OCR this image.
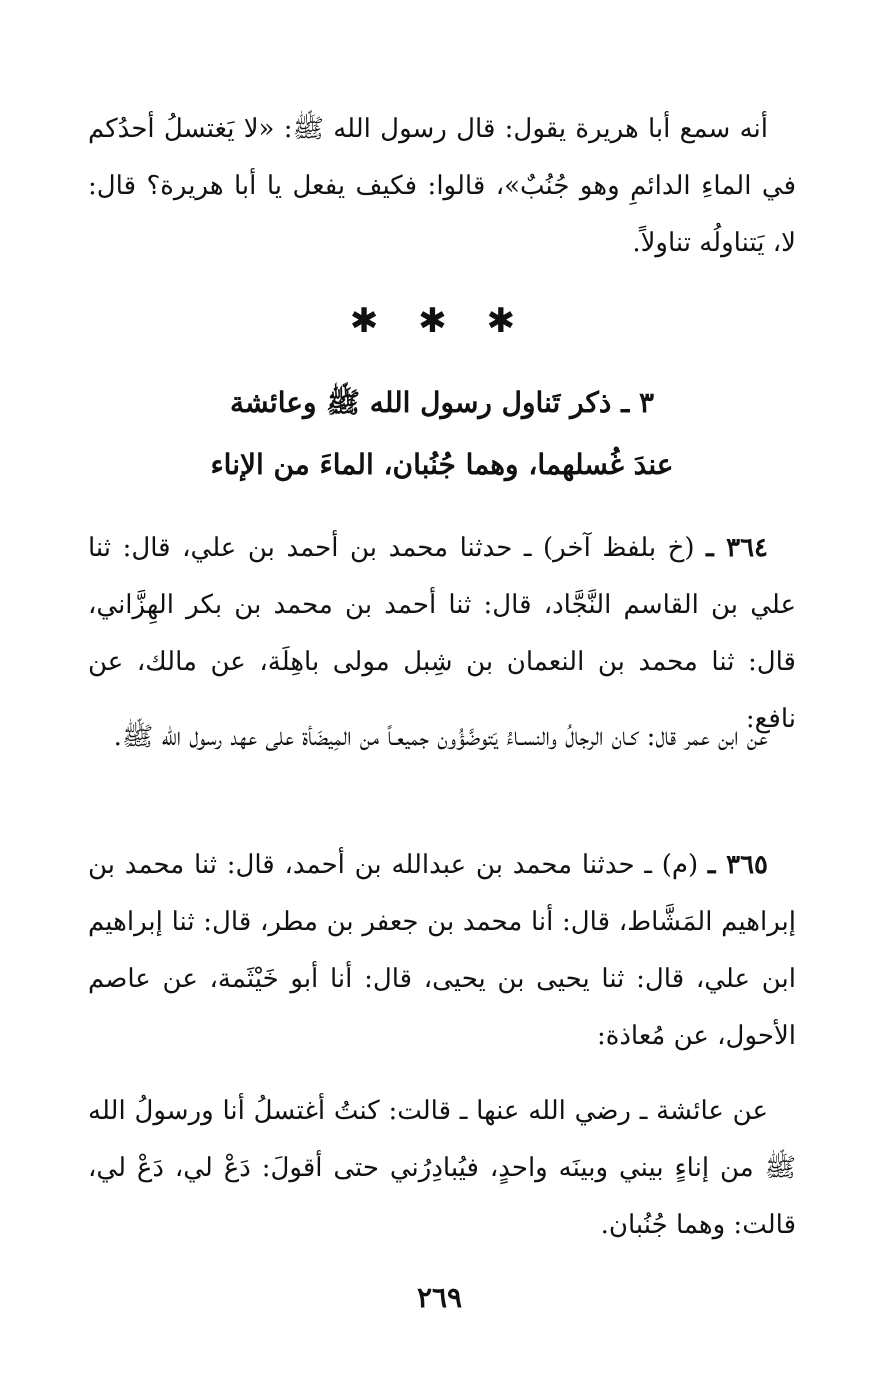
أنه سمع أبا هريرة يقول: قال رسول الله ﷺ: «لا يَغتسلُ أحدُكم في الماءِ الدائمِ وهو جُنُبٌ»، قالوا: فكيف يفعل يا أبا هريرة؟ قال: لا، يَتناولُه تناولاً.

✱ ✱ ✱
٣ ـ ذكر تَناول رسول الله ﷺ وعائشة
عندَ غُسلهما، وهما جُنُبان، الماءَ من الإناء

٣٦٤ ـ (خ بلفظ آخر) ـ حدثنا محمد بن أحمد بن علي، قال: ثنا علي بن القاسم النَّجَّاد، قال: ثنا أحمد بن محمد بن بكر الهِزَّاني، قال: ثنا محمد بن النعمان بن شِبل مولى باهِلَة، عن مالك، عن نافع:

عن ابن عمر قال: كـان الرجالُ والنسـاءُ يَتوضَّؤُون جميعـاً من المِيضَأة على عهد رسول الله ﷺ.

٣٦٥ ـ (م) ـ حدثنا محمد بن عبدالله بن أحمد، قال: ثنا محمد بن إبراهيم المَشَّاط، قال: أنا محمد بن جعفر بن مطر، قال: ثنا إبراهيم ابن علي، قال: ثنا يحيى بن يحيى، قال: أنا أبو خَيْثَمة، عن عاصم الأحول، عن مُعاذة:

عن عائشة ـ رضي الله عنها ـ قالت: كنتُ أغتسلُ أنا ورسولُ الله ﷺ من إناءٍ بيني وبينَه واحدٍ، فيُبادِرُني حتى أقولَ: دَعْ لي، دَعْ لي، قالت: وهما جُنُبان.

٢٦٩
